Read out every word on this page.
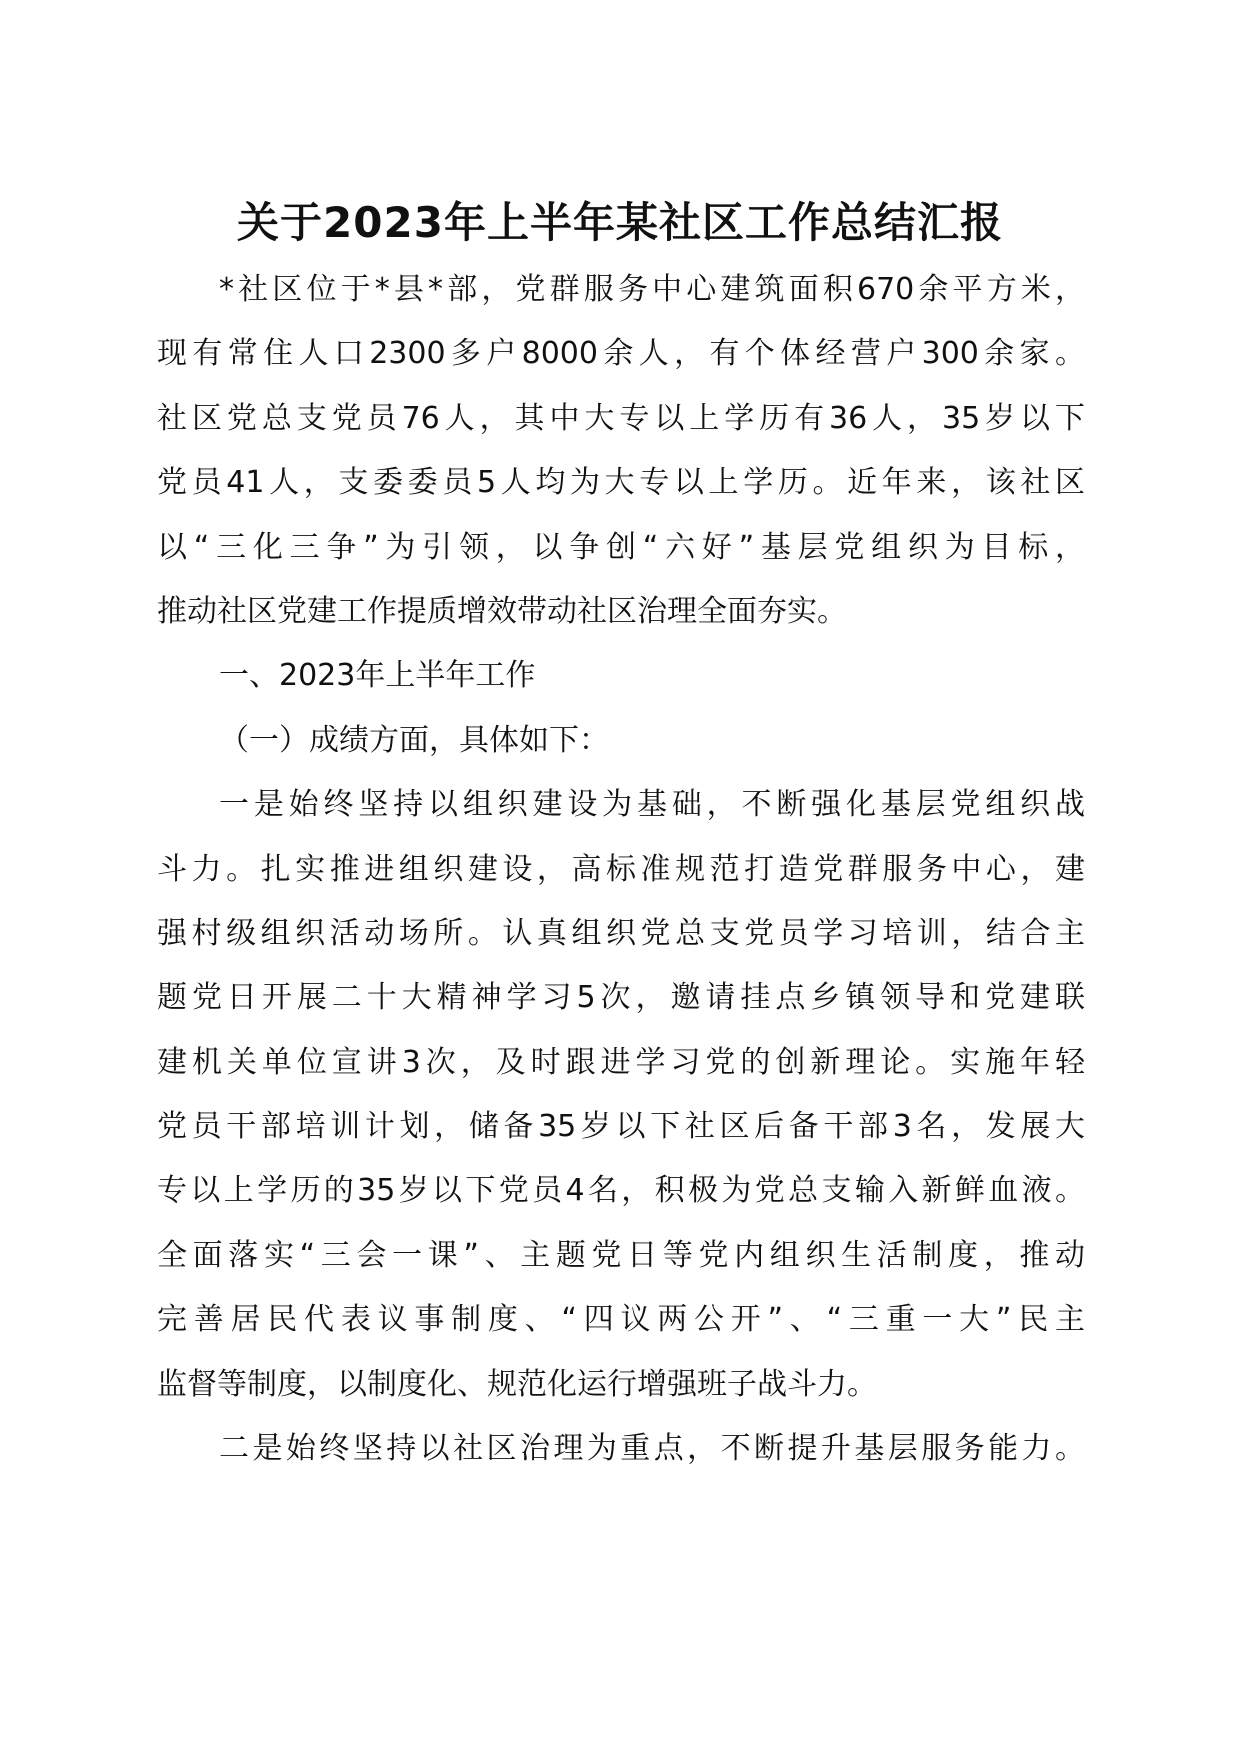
关于2023年上半年某社区工作总结汇报
*社区位于*县*部，党群服务中心建筑面积670余平方米，
现有常住人口2300多户8000余人，有个体经营户300余家。
社区党总支党员76人，其中大专以上学历有36人，35岁以下
党员41人，支委委员5人均为大专以上学历。近年来，该社区
以“三化三争”为引领，以争创“六好”基层党组织为目标，
推动社区党建工作提质增效带动社区治理全面夯实。
一、2023年上半年工作
（一）成绩方面，具体如下：
一是始终坚持以组织建设为基础，不断强化基层党组织战
斗力。扎实推进组织建设，高标准规范打造党群服务中心，建
强村级组织活动场所。认真组织党总支党员学习培训，结合主
题党日开展二十大精神学习5次，邀请挂点乡镇领导和党建联
建机关单位宣讲3次，及时跟进学习党的创新理论。实施年轻
党员干部培训计划，储备35岁以下社区后备干部3名，发展大
专以上学历的35岁以下党员4名，积极为党总支输入新鲜血液。
全面落实“三会一课”、主题党日等党内组织生活制度，推动
完善居民代表议事制度、“四议两公开”、“三重一大”民主
监督等制度，以制度化、规范化运行增强班子战斗力。
二是始终坚持以社区治理为重点，不断提升基层服务能力。
